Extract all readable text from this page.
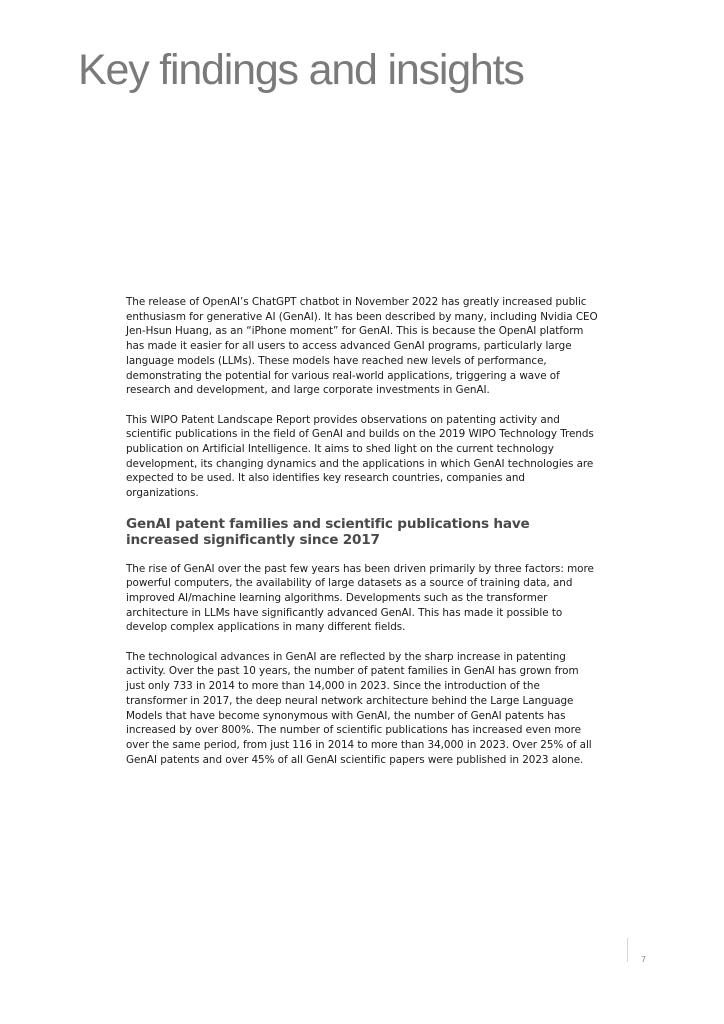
Key findings and insights

The release of OpenAI’s ChatGPT chatbot in November 2022 has greatly increased public enthusiasm for generative AI (GenAI). It has been described by many, including Nvidia CEO Jen-Hsun Huang, as an “iPhone moment” for GenAI. This is because the OpenAI platform has made it easier for all users to access advanced GenAI programs, particularly large language models (LLMs). These models have reached new levels of performance, demonstrating the potential for various real-world applications, triggering a wave of research and development, and large corporate investments in GenAI.

This WIPO Patent Landscape Report provides observations on patenting activity and scientific publications in the field of GenAI and builds on the 2019 WIPO Technology Trends publication on Artificial Intelligence. It aims to shed light on the current technology development, its changing dynamics and the applications in which GenAI technologies are expected to be used. It also identifies key research countries, companies and organizations.

GenAI patent families and scientific publications have increased significantly since 2017

The rise of GenAI over the past few years has been driven primarily by three factors: more powerful computers, the availability of large datasets as a source of training data, and improved AI/machine learning algorithms. Developments such as the transformer architecture in LLMs have significantly advanced GenAI. This has made it possible to develop complex applications in many different fields.

The technological advances in GenAI are reflected by the sharp increase in patenting activity. Over the past 10 years, the number of patent families in GenAI has grown from just only 733 in 2014 to more than 14,000 in 2023. Since the introduction of the transformer in 2017, the deep neural network architecture behind the Large Language Models that have become synonymous with GenAI, the number of GenAI patents has increased by over 800%. The number of scientific publications has increased even more over the same period, from just 116 in 2014 to more than 34,000 in 2023. Over 25% of all GenAI patents and over 45% of all GenAI scientific papers were published in 2023 alone.

7
